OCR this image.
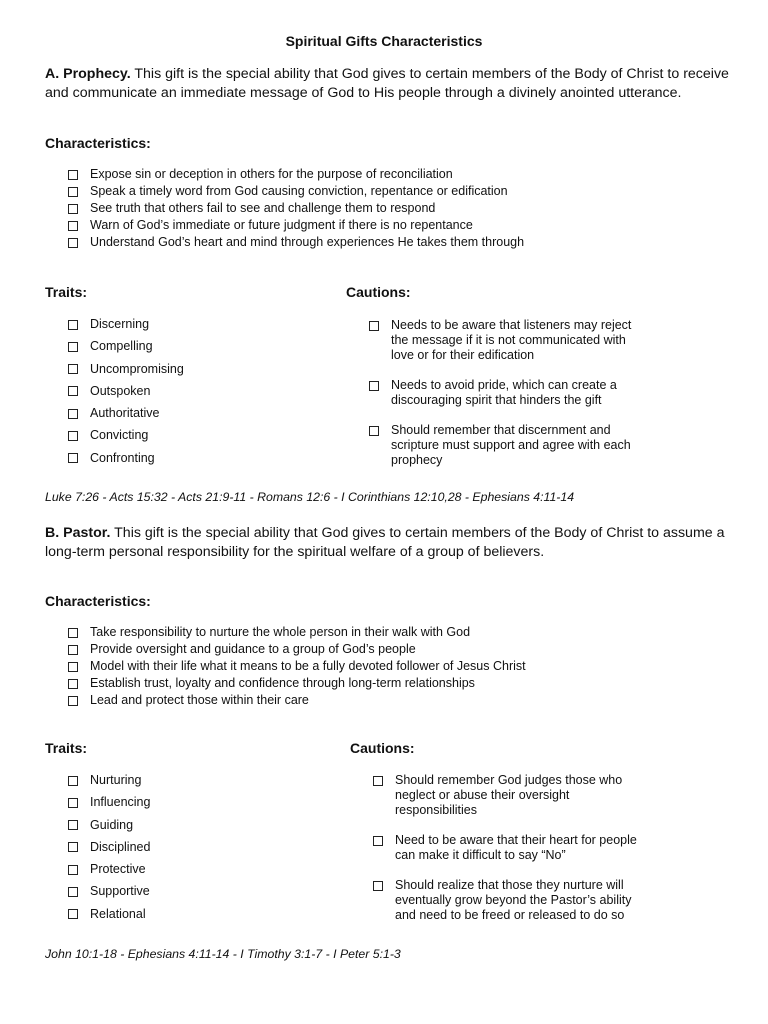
Spiritual Gifts Characteristics
A. Prophecy. This gift is the special ability that God gives to certain members of the Body of Christ to receive and communicate an immediate message of God to His people through a divinely anointed utterance.
Characteristics:
Expose sin or deception in others for the purpose of reconciliation
Speak a timely word from God causing conviction, repentance or edification
See truth that others fail to see and challenge them to respond
Warn of God’s immediate or future judgment if there is no repentance
Understand God’s heart and mind through experiences He takes them through
Traits:	Cautions:
Discerning
Compelling
Uncompromising
Outspoken
Authoritative
Convicting
Confronting
Needs to be aware that listeners may reject the message if it is not communicated with love or for their edification
Needs to avoid pride, which can create a discouraging spirit that hinders the gift
Should remember that discernment and scripture must support and agree with each prophecy
Luke 7:26 - Acts 15:32 - Acts 21:9-11 - Romans 12:6 - I Corinthians 12:10,28 - Ephesians 4:11-14
B. Pastor. This gift is the special ability that God gives to certain members of the Body of Christ to assume a long-term personal responsibility for the spiritual welfare of a group of believers.
Characteristics:
Take responsibility to nurture the whole person in their walk with God
Provide oversight and guidance to a group of God’s people
Model with their life what it means to be a fully devoted follower of Jesus Christ
Establish trust, loyalty and confidence through long-term relationships
Lead and protect those within their care
Traits:	Cautions:
Nurturing
Influencing
Guiding
Disciplined
Protective
Supportive
Relational
Should remember God judges those who neglect or abuse their oversight responsibilities
Need to be aware that their heart for people can make it difficult to say “No”
Should realize that those they nurture will eventually grow beyond the Pastor’s ability and need to be freed or released to do so
John 10:1-18 - Ephesians 4:11-14 - I Timothy 3:1-7 - I Peter 5:1-3
